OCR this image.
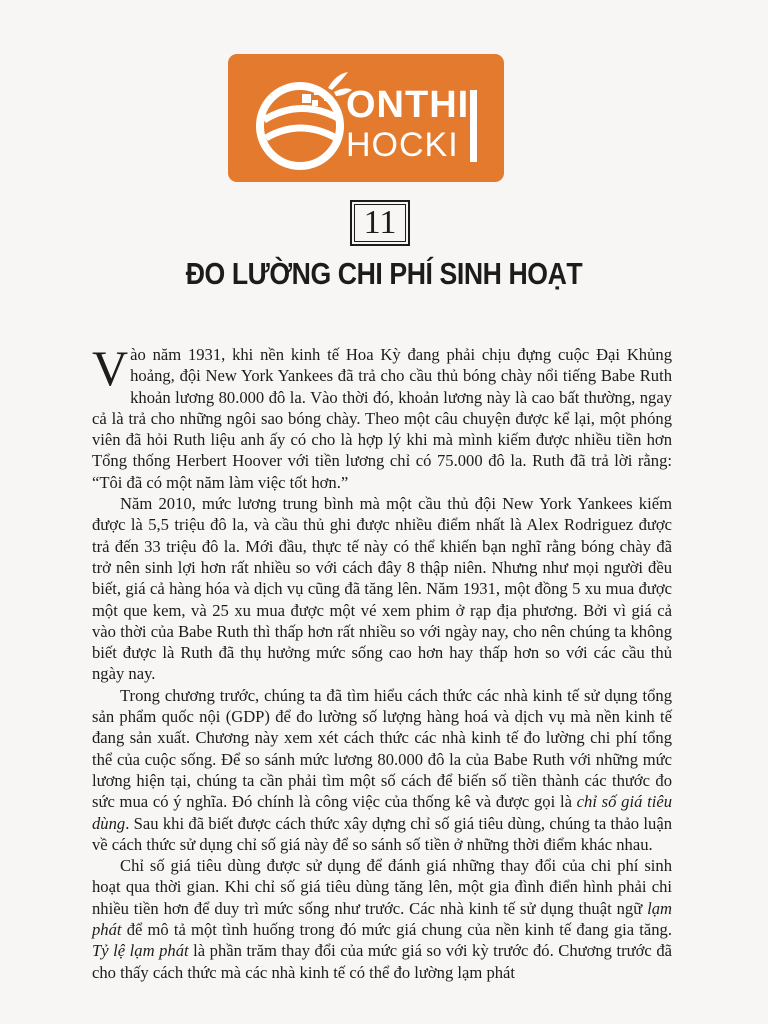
ONTHI
HOCKI
11
ĐO LƯỜNG CHI PHÍ SINH HOẠT

Vào năm 1931, khi nền kinh tế Hoa Kỳ đang phải chịu đựng cuộc Đại Khủng hoảng, đội New York Yankees đã trả cho cầu thủ bóng chày nổi tiếng Babe Ruth khoản lương 80.000 đô la. Vào thời đó, khoản lương này là cao bất thường, ngay cả là trả cho những ngôi sao bóng chày. Theo một câu chuyện được kể lại, một phóng viên đã hỏi Ruth liệu anh ấy có cho là hợp lý khi mà mình kiếm được nhiều tiền hơn Tổng thống Herbert Hoover với tiền lương chỉ có 75.000 đô la. Ruth đã trả lời rằng: “Tôi đã có một năm làm việc tốt hơn.”

Năm 2010, mức lương trung bình mà một cầu thủ đội New York Yankees kiếm được là 5,5 triệu đô la, và cầu thủ ghi được nhiều điểm nhất là Alex Rodriguez được trả đến 33 triệu đô la. Mới đầu, thực tế này có thể khiến bạn nghĩ rằng bóng chày đã trở nên sinh lợi hơn rất nhiều so với cách đây 8 thập niên. Nhưng như mọi người đều biết, giá cả hàng hóa và dịch vụ cũng đã tăng lên. Năm 1931, một đồng 5 xu mua được một que kem, và 25 xu mua được một vé xem phim ở rạp địa phương. Bởi vì giá cả vào thời của Babe Ruth thì thấp hơn rất nhiều so với ngày nay, cho nên chúng ta không biết được là Ruth đã thụ hưởng mức sống cao hơn hay thấp hơn so với các cầu thủ ngày nay.

Trong chương trước, chúng ta đã tìm hiểu cách thức các nhà kinh tế sử dụng tổng sản phẩm quốc nội (GDP) để đo lường số lượng hàng hoá và dịch vụ mà nền kinh tế đang sản xuất. Chương này xem xét cách thức các nhà kinh tế đo lường chi phí tổng thể của cuộc sống. Để so sánh mức lương 80.000 đô la của Babe Ruth với những mức lương hiện tại, chúng ta cần phải tìm một số cách để biến số tiền thành các thước đo sức mua có ý nghĩa. Đó chính là công việc của thống kê và được gọi là chỉ số giá tiêu dùng. Sau khi đã biết được cách thức xây dựng chỉ số giá tiêu dùng, chúng ta thảo luận về cách thức sử dụng chỉ số giá này để so sánh số tiền ở những thời điểm khác nhau.

Chỉ số giá tiêu dùng được sử dụng để đánh giá những thay đổi của chi phí sinh hoạt qua thời gian. Khi chỉ số giá tiêu dùng tăng lên, một gia đình điển hình phải chi nhiều tiền hơn để duy trì mức sống như trước. Các nhà kinh tế sử dụng thuật ngữ lạm phát để mô tả một tình huống trong đó mức giá chung của nền kinh tế đang gia tăng. Tỷ lệ lạm phát là phần trăm thay đổi của mức giá so với kỳ trước đó. Chương trước đã cho thấy cách thức mà các nhà kinh tế có thể đo lường lạm phát
